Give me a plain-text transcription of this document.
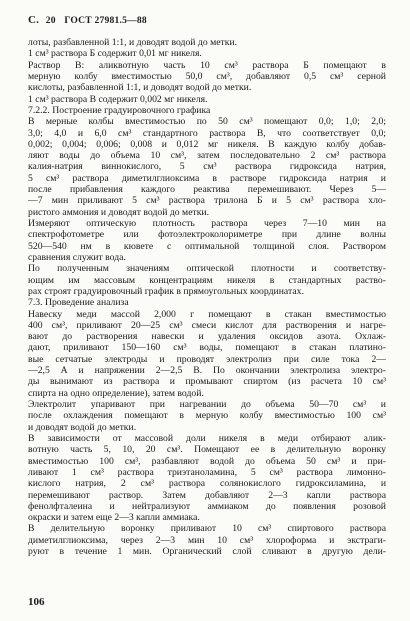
С. 20 ГОСТ 27981.5—88
лоты, разбавленной 1:1, и доводят водой до метки.
1 см³ раствора Б содержит 0,01 мг никеля.
Раствор В: аликвотную часть 10 см³ раствора Б помещают в
мерную колбу вместимостью 50,0 см³, добавляют 0,5 см³ серной
кислоты, разбавленной 1:1, и доводят водой до метки.
1 см³ раствора В содержит 0,002 мг никеля.
7.2.2. Построение градуировочного графика
В мерные колбы вместимостью по 50 см³ помещают 0,0; 1,0; 2,0;
3,0; 4,0 и 6,0 см³ стандартного раствора В, что соответствует 0,0;
0,002; 0,004; 0,006; 0,008 и 0,012 мг никеля. В каждую колбу добав-
ляют воды до объема 10 см³, затем последовательно 2 см³ раствора
калия-натрия виннокислого, 5 см³ раствора гидроксида натрия,
5 см³ раствора диметилглиоксима в растворе гидроксида натрия и
после прибавления каждого реактива перемешивают. Через 5—
—7 мин приливают 5 см³ раствора трилона Б и 5 см³ раствора хло-
ристого аммония и доводят водой до метки.
Измеряют оптическую плотность раствора через 7—10 мин на
спектрофотометре или фотоэлектроколориметре при длине волны
520—540 нм в кювете с оптимальной толщиной слоя. Раствором
сравнения служит вода.
По полученным значениям оптической плотности и соответству-
ющим им массовым концентрациям никеля в стандартных раство-
рах строят градуировочный график в прямоугольных координатах.
7.3. Проведение анализа
Навеску меди массой 2,000 г помещают в стакан вместимостью
400 см³, приливают 20—25 см³ смеси кислот для растворения и нагре-
вают до растворения навески и удаления оксидов азота. Охлаж-
дают, приливают 150—160 см³ воды, помещают в стакан платино-
вые сетчатые электроды и проводят электролиз при силе тока 2—
—2,5 А и напряжении 2—2,5 В. По окончании электролиза электро-
ды вынимают из раствора и промывают спиртом (из расчета 10 см³
спирта на одно определение), затем водой.
Электролит упаривают при нагревании до объема 50—70 см³ и
после охлаждения помещают в мерную колбу вместимостью 100 см³
и доводят водой до метки.
В зависимости от массовой доли никеля в меди отбирают алик-
вотную часть 5, 10, 20 см³. Помещают ее в делительную воронку
вместимостью 100 см³, разбавляют водой до объема 50 см³ и при-
ливают 1 см³ раствора триэтаноламина, 5 см³ раствора лимонно-
кислого натрия, 2 см³ раствора солянокислого гидроксиламина, и
перемешивают раствор. Затем добавляют 2—3 капли раствора
фенолфталеина и нейтрализуют аммиаком до появления розовой
окраски и затем еще 2—3 капли аммиака.
В делительную воронку приливают 10 см³ спиртового раствора
диметилглиоксима, через 2—3 мин 10 см³ хлороформа и экстраги-
руют в течение 1 мин. Органический слой сливают в другую дели-
106
